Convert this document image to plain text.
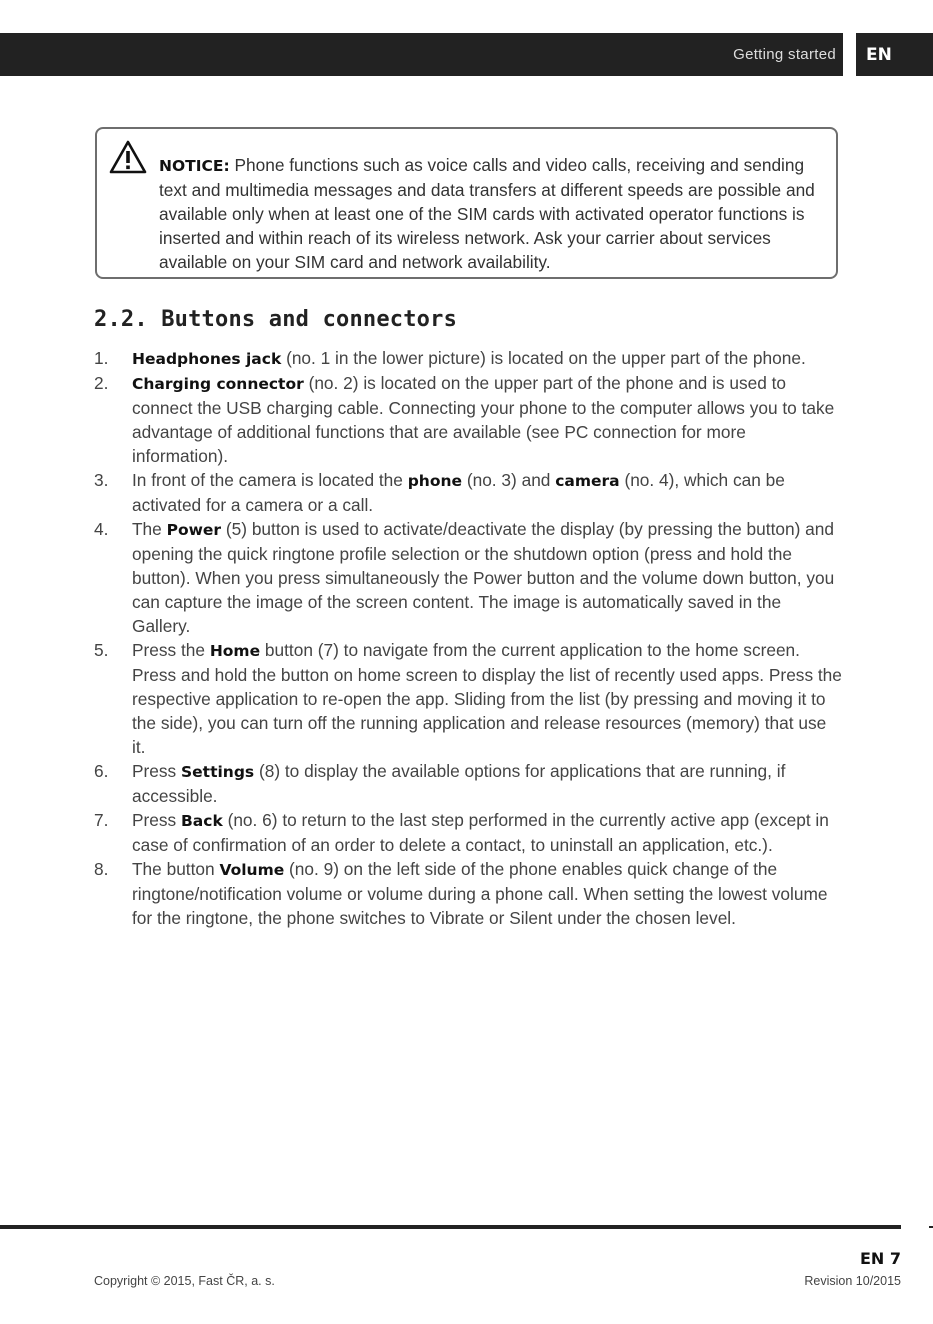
Getting started	EN

NOTICE: Phone functions such as voice calls and video calls, receiving and sending text and multimedia messages and data transfers at different speeds are possible and available only when at least one of the SIM cards with activated operator functions is inserted and within reach of its wireless network. Ask your carrier about services available on your SIM card and network availability.

2.2. Buttons and connectors
1.	Headphones jack (no. 1 in the lower picture) is located on the upper part of the phone.
2.	Charging connector (no. 2) is located on the upper part of the phone and is used to connect the USB charging cable. Connecting your phone to the computer allows you to take advantage of additional functions that are available (see PC connection for more information).
3.	In front of the camera is located the phone (no. 3) and camera (no. 4), which can be activated for a camera or a call.
4.	The Power (5) button is used to activate/deactivate the display (by pressing the button) and opening the quick ringtone profile selection or the shutdown option (press and hold the button). When you press simultaneously the Power button and the volume down button, you can capture the image of the screen content. The image is automatically saved in the Gallery.
5.	Press the Home button (7) to navigate from the current application to the home screen. Press and hold the button on home screen to display the list of recently used apps. Press the respective application to re-open the app. Sliding from the list (by pressing and moving it to the side), you can turn off the running application and release resources (memory) that use it.
6.	Press Settings (8) to display the available options for applications that are running, if accessible.
7.	Press Back (no. 6) to return to the last step performed in the currently active app (except in case of confirmation of an order to delete a contact, to uninstall an application, etc.).
8.	The button Volume (no. 9) on the left side of the phone enables quick change of the ringtone/notification volume or volume during a phone call. When setting the lowest volume for the ringtone, the phone switches to Vibrate or Silent under the chosen level.
EN 7
Copyright © 2015, Fast ČR, a. s.	Revision 10/2015
